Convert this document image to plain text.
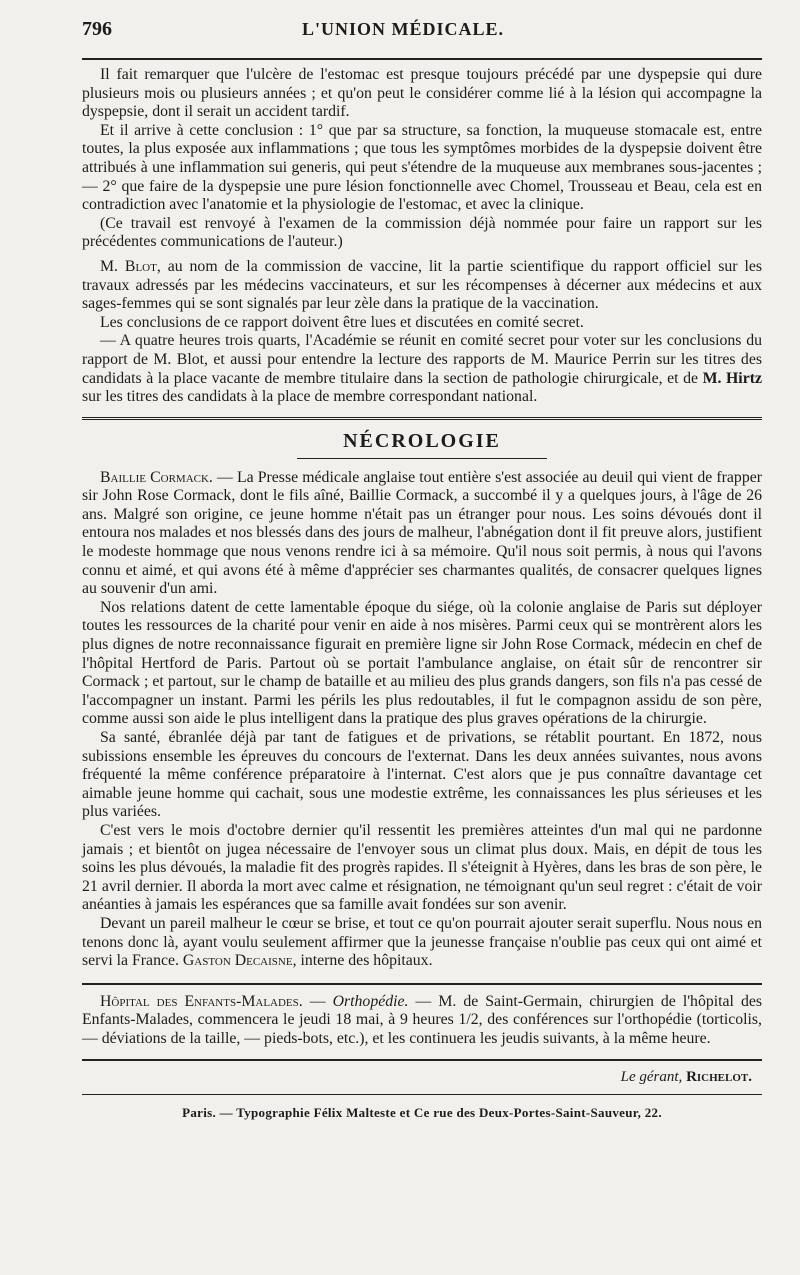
796	L'UNION MÉDICALE.

Il fait remarquer que l'ulcère de l'estomac est presque toujours précédé par une dyspepsie qui dure plusieurs mois ou plusieurs années ; et qu'on peut le considérer comme lié à la lésion qui accompagne la dyspepsie, dont il serait un accident tardif.

Et il arrive à cette conclusion : 1° que par sa structure, sa fonction, la muqueuse stomacale est, entre toutes, la plus exposée aux inflammations ; que tous les symptômes morbides de la dyspepsie doivent être attribués à une inflammation sui generis, qui peut s'étendre de la muqueuse aux membranes sous-jacentes ; — 2° que faire de la dyspepsie une pure lésion fonctionnelle avec Chomel, Trousseau et Beau, cela est en contradiction avec l'anatomie et la physiologie de l'estomac, et avec la clinique.

(Ce travail est renvoyé à l'examen de la commission déjà nommée pour faire un rapport sur les précédentes communications de l'auteur.)

M. Blot, au nom de la commission de vaccine, lit la partie scientifique du rapport officiel sur les travaux adressés par les médecins vaccinateurs, et sur les récompenses à décerner aux médecins et aux sages-femmes qui se sont signalés par leur zèle dans la pratique de la vaccination.

Les conclusions de ce rapport doivent être lues et discutées en comité secret.

— A quatre heures trois quarts, l'Académie se réunit en comité secret pour voter sur les conclusions du rapport de M. Blot, et aussi pour entendre la lecture des rapports de M. Maurice Perrin sur les titres des candidats à la place vacante de membre titulaire dans la section de pathologie chirurgicale, et de M. Hirtz sur les titres des candidats à la place de membre correspondant national.

NÉCROLOGIE

Baillie Cormack. — La Presse médicale anglaise tout entière s'est associée au deuil qui vient de frapper sir John Rose Cormack, dont le fils aîné, Baillie Cormack, a succombé il y a quelques jours, à l'âge de 26 ans. Malgré son origine, ce jeune homme n'était pas un étranger pour nous. Les soins dévoués dont il entoura nos malades et nos blessés dans des jours de malheur, l'abnégation dont il fit preuve alors, justifient le modeste hommage que nous venons rendre ici à sa mémoire. Qu'il nous soit permis, à nous qui l'avons connu et aimé, et qui avons été à même d'apprécier ses charmantes qualités, de consacrer quelques lignes au souvenir d'un ami.

Nos relations datent de cette lamentable époque du siége, où la colonie anglaise de Paris sut déployer toutes les ressources de la charité pour venir en aide à nos misères. Parmi ceux qui se montrèrent alors les plus dignes de notre reconnaissance figurait en première ligne sir John Rose Cormack, médecin en chef de l'hôpital Hertford de Paris. Partout où se portait l'ambulance anglaise, on était sûr de rencontrer sir Cormack ; et partout, sur le champ de bataille et au milieu des plus grands dangers, son fils n'a pas cessé de l'accompagner un instant. Parmi les périls les plus redoutables, il fut le compagnon assidu de son père, comme aussi son aide le plus intelligent dans la pratique des plus graves opérations de la chirurgie.

Sa santé, ébranlée déjà par tant de fatigues et de privations, se rétablit pourtant. En 1872, nous subissions ensemble les épreuves du concours de l'externat. Dans les deux années suivantes, nous avons fréquenté la même conférence préparatoire à l'internat. C'est alors que je pus connaître davantage cet aimable jeune homme qui cachait, sous une modestie extrême, les connaissances les plus sérieuses et les plus variées.

C'est vers le mois d'octobre dernier qu'il ressentit les premières atteintes d'un mal qui ne pardonne jamais ; et bientôt on jugea nécessaire de l'envoyer sous un climat plus doux. Mais, en dépit de tous les soins les plus dévoués, la maladie fit des progrès rapides. Il s'éteignit à Hyères, dans les bras de son père, le 21 avril dernier. Il aborda la mort avec calme et résignation, ne témoignant qu'un seul regret : c'était de voir anéanties à jamais les espérances que sa famille avait fondées sur son avenir.

Devant un pareil malheur le cœur se brise, et tout ce qu'on pourrait ajouter serait superflu. Nous nous en tenons donc là, ayant voulu seulement affirmer que la jeunesse française n'oublie pas ceux qui ont aimé et servi la France. Gaston Decaisne, interne des hôpitaux.

Hôpital des Enfants-Malades. — Orthopédie. — M. de Saint-Germain, chirurgien de l'hôpital des Enfants-Malades, commencera le jeudi 18 mai, à 9 heures 1/2, des conférences sur l'orthopédie (torticolis, — déviations de la taille, — pieds-bots, etc.), et les continuera les jeudis suivants, à la même heure.

Le gérant, Richelot.
Paris. — Typographie Félix Malteste et Ce rue des Deux-Portes-Saint-Sauveur, 22.
